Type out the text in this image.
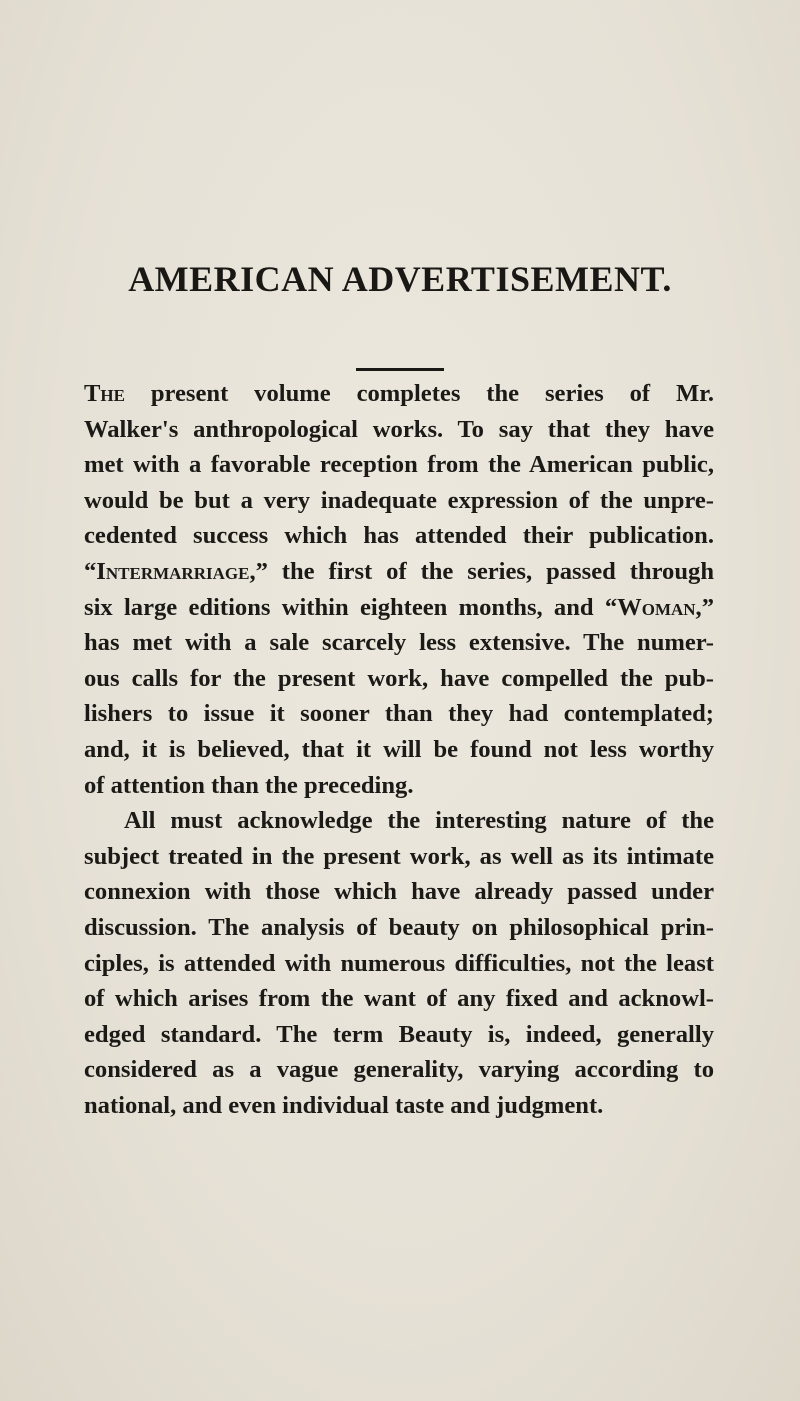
AMERICAN ADVERTISEMENT.
The present volume completes the series of Mr.
Walker's anthropological works. To say that they have
met with a favorable reception from the American public,
would be but a very inadequate expression of the unpre-
cedented success which has attended their publication.
“Intermarriage,” the first of the series, passed through
six large editions within eighteen months, and “Woman,”
has met with a sale scarcely less extensive. The numer-
ous calls for the present work, have compelled the pub-
lishers to issue it sooner than they had contemplated;
and, it is believed, that it will be found not less worthy
of attention than the preceding.
All must acknowledge the interesting nature of the
subject treated in the present work, as well as its intimate
connexion with those which have already passed under
discussion. The analysis of beauty on philosophical prin-
ciples, is attended with numerous difficulties, not the least
of which arises from the want of any fixed and acknowl-
edged standard. The term Beauty is, indeed, generally
considered as a vague generality, varying according to
national, and even individual taste and judgment.
